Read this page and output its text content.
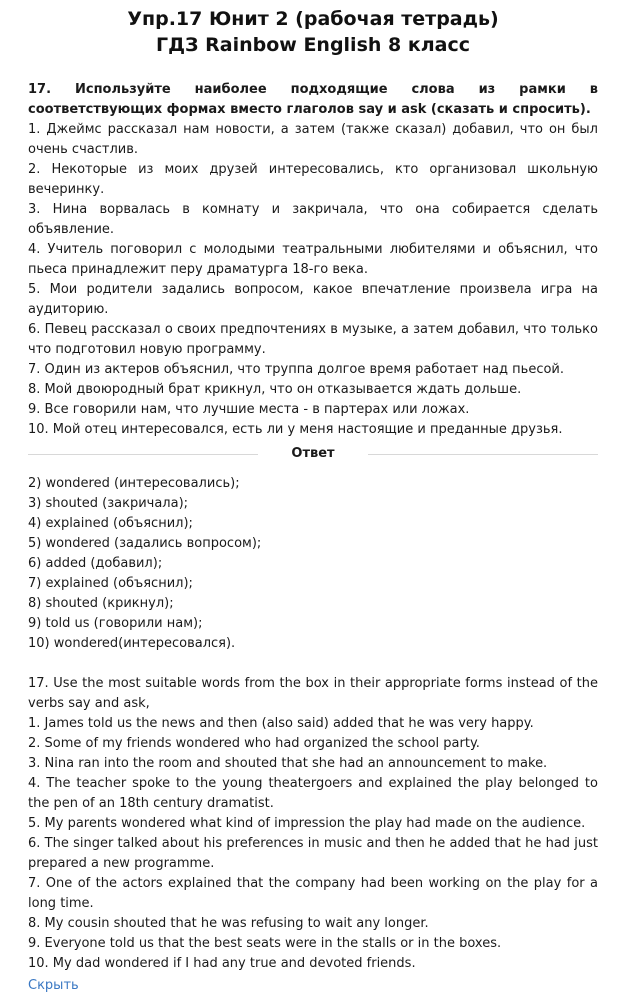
Упр.17 Юнит 2 (рабочая тетрадь)
ГДЗ Rainbow English 8 класс

17. Используйте наиболее подходящие слова из рамки в соответствующих формах вместо глаголов say и ask (сказать и спросить).

1. Джеймс рассказал нам новости, а затем (также сказал) добавил, что он был очень счастлив.

2. Некоторые из моих друзей интересовались, кто организовал школьную вечеринку.

3. Нина ворвалась в комнату и закричала, что она собирается сделать объявление.

4. Учитель поговорил с молодыми театральными любителями и объяснил, что пьеса принадлежит перу драматурга 18-го века.

5. Мои родители задались вопросом, какое впечатление произвела игра на аудиторию.

6. Певец рассказал о своих предпочтениях в музыке, а затем добавил, что только что подготовил новую программу.

7. Один из актеров объяснил, что труппа долгое время работает над пьесой.

8. Мой двоюродный брат крикнул, что он отказывается ждать дольше.

9. Все говорили нам, что лучшие места - в партерах или ложах.

10. Мой отец интересовался, есть ли у меня настоящие и преданные друзья.

Ответ

2) wondered (интересовались);

3) shouted (закричала);

4) explained (объяснил);

5) wondered (задались вопросом);

6) added (добавил);

7) explained (объяснил);

8) shouted (крикнул);

9) told us (говорили нам);

10) wondered(интересовался).

17. Use the most suitable words from the box in their appropriate forms instead of the verbs say and ask,

1. James told us the news and then (also said) added that he was very happy.

2. Some of my friends wondered who had organized the school party.

3. Nina ran into the room and shouted that she had an announcement to make.

4. The teacher spoke to the young theatergoers and explained the play belonged to the pen of an 18th century dramatist.

5. My parents wondered what kind of impression the play had made on the audience.

6. The singer talked about his preferences in music and then he added that he had just prepared a new programme.

7. One of the actors explained that the company had been working on the play for a long time.

8. My cousin shouted that he was refusing to wait any longer.

9. Everyone told us that the best seats were in the stalls or in the boxes.

10. My dad wondered if I had any true and devoted friends.

Скрыть
